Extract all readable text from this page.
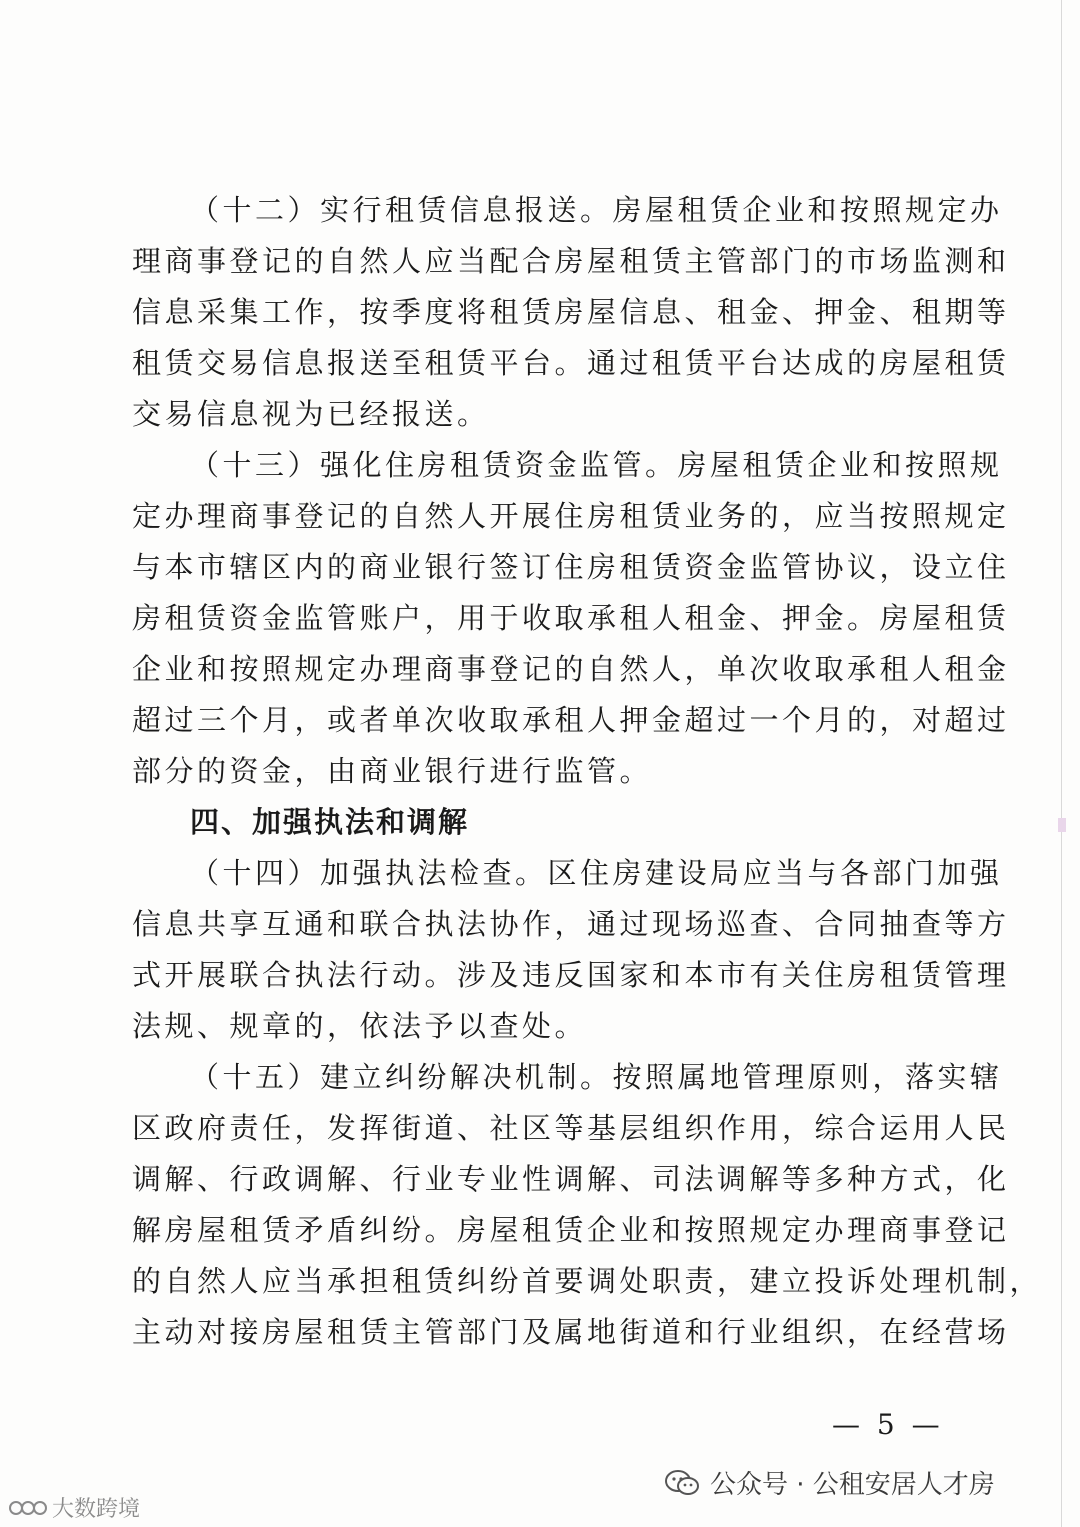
（十二）实行租赁信息报送。房屋租赁企业和按照规定办
理商事登记的自然人应当配合房屋租赁主管部门的市场监测和
信息采集工作，按季度将租赁房屋信息、租金、押金、租期等
租赁交易信息报送至租赁平台。通过租赁平台达成的房屋租赁
交易信息视为已经报送。
（十三）强化住房租赁资金监管。房屋租赁企业和按照规
定办理商事登记的自然人开展住房租赁业务的，应当按照规定
与本市辖区内的商业银行签订住房租赁资金监管协议，设立住
房租赁资金监管账户，用于收取承租人租金、押金。房屋租赁
企业和按照规定办理商事登记的自然人，单次收取承租人租金
超过三个月，或者单次收取承租人押金超过一个月的，对超过
部分的资金，由商业银行进行监管。
四、加强执法和调解
（十四）加强执法检查。区住房建设局应当与各部门加强
信息共享互通和联合执法协作，通过现场巡查、合同抽查等方
式开展联合执法行动。涉及违反国家和本市有关住房租赁管理
法规、规章的，依法予以查处。
（十五）建立纠纷解决机制。按照属地管理原则，落实辖
区政府责任，发挥街道、社区等基层组织作用，综合运用人民
调解、行政调解、行业专业性调解、司法调解等多种方式，化
解房屋租赁矛盾纠纷。房屋租赁企业和按照规定办理商事登记
的自然人应当承担租赁纠纷首要调处职责，建立投诉处理机制，
主动对接房屋租赁主管部门及属地街道和行业组织，在经营场
— 5 —
公众号 · 公租安居人才房
大数跨境
